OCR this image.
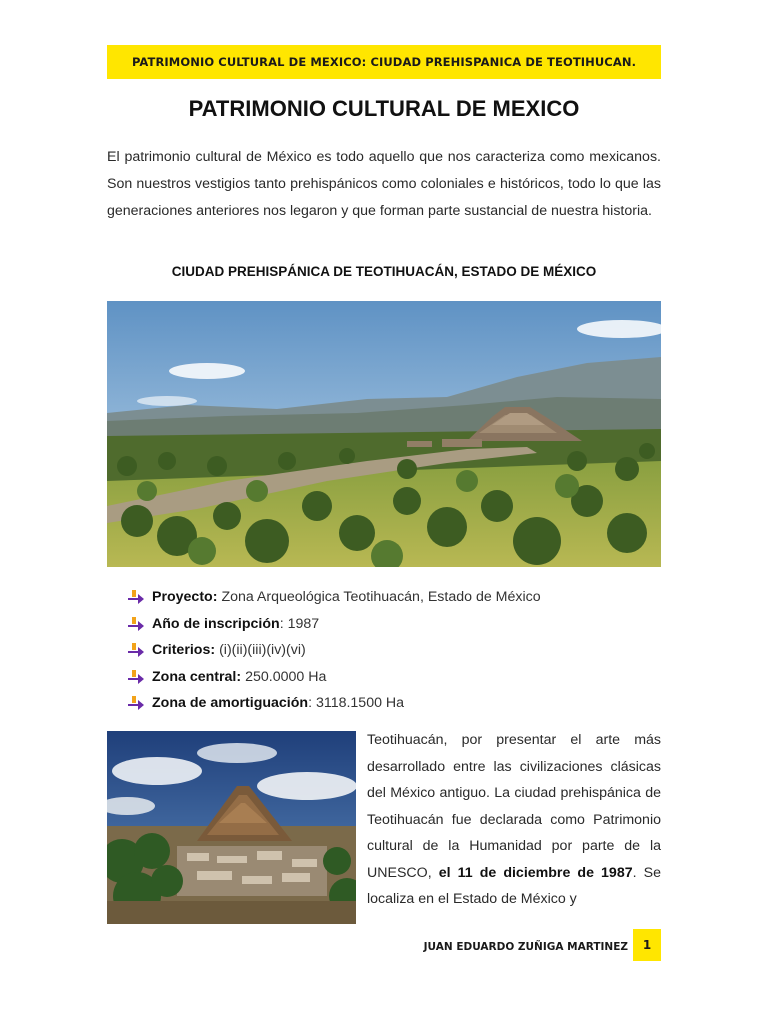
PATRIMONIO CULTURAL DE MEXICO: CIUDAD PREHISPANICA DE TEOTIHUCAN.
PATRIMONIO CULTURAL DE MEXICO
El patrimonio cultural de México es todo aquello que nos caracteriza como mexicanos. Son nuestros vestigios tanto prehispánicos como coloniales e históricos, todo lo que las generaciones anteriores nos legaron y que forman parte sustancial de nuestra historia.
CIUDAD PREHISPÁNICA DE TEOTIHUACÁN, ESTADO DE MÉXICO
Proyecto: Zona Arqueológica Teotihuacán, Estado de México
Año de inscripción : 1987
Criterios: (i)(ii)(iii)(iv)(vi)
Zona central: 250.0000 Ha
Zona de amortiguación : 3118.1500 Ha
Teotihuacán, por presentar el arte más desarrollado entre las civilizaciones clásicas del México antiguo. La ciudad prehispánica de Teotihuacán fue declarada como Patrimonio cultural de la Humanidad por parte de la UNESCO, el 11 de diciembre de 1987. Se localiza en el Estado de México y
JUAN EDUARDO ZUÑIGA MARTINEZ	1
